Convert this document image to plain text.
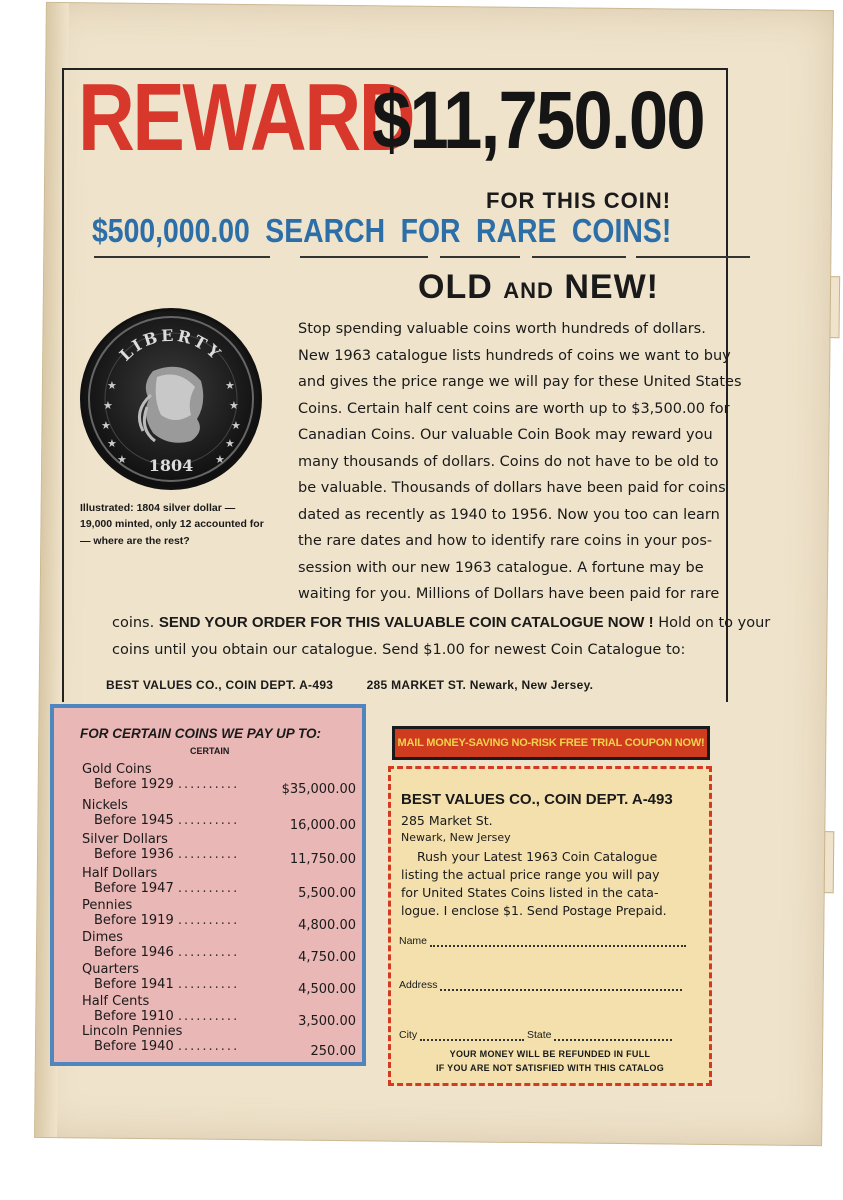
REWARD
$11,750.00
FOR THIS COIN!
$500,000.00 SEARCH FOR RARE COINS!
OLD AND NEW!
LIBERTY
★
★
★
★
★
★
★
★
★	★
1804
Illustrated: 1804 silver dollar — 19,000 minted, only 12 accounted for— where are the rest?

Stop spending valuable coins worth hundreds of dollars.

New 1963 catalogue lists hundreds of coins we want to buy

and gives the price range we will pay for these United States

Coins. Certain half cent coins are worth up to $3,500.00 for

Canadian Coins. Our valuable Coin Book may reward you

many thousands of dollars. Coins do not have to be old to

be valuable. Thousands of dollars have been paid for coins

dated as recently as 1940 to 1956. Now you too can learn

the rare dates and how to identify rare coins in your pos-

session with our new 1963 catalogue. A fortune may be

waiting for you. Millions of Dollars have been paid for rare

coins. SEND YOUR ORDER FOR THIS VALUABLE COIN CATALOGUE NOW ! Hold on to your

coins until you obtain our catalogue. Send $1.00 for newest Coin Catalogue to:

BEST VALUES CO., COIN DEPT. A-493	285 MARKET ST. Newark, New Jersey.
FOR CERTAIN COINS WE PAY UP TO:
CERTAIN
Gold Coins
Before 1929 ..........	$35,000.00
Nickels
Before 1945 ..........	16,000.00
Silver Dollars
Before 1936 ..........	11,750.00
Half Dollars
Before 1947 ..........	5,500.00
Pennies
Before 1919 ..........	4,800.00
Dimes
Before 1946 ..........	4,750.00
Quarters
Before 1941 ..........	4,500.00
Half Cents
Before 1910 ..........	3,500.00
Lincoln Pennies
Before 1940 ..........	250.00
MAIL MONEY-SAVING NO-RISK FREE TRIAL COUPON NOW!
BEST VALUES CO., COIN DEPT. A-493
285 Market St.
Newark, New Jersey
Rush your Latest 1963 Coin Catalogue
listing the actual price range you will pay
for United States Coins listed in the cata-
logue. I enclose $1. Send Postage Prepaid.
Name
Address
City	State
YOUR MONEY WILL BE REFUNDED IN FULL
IF YOU ARE NOT SATISFIED WITH THIS CATALOG
